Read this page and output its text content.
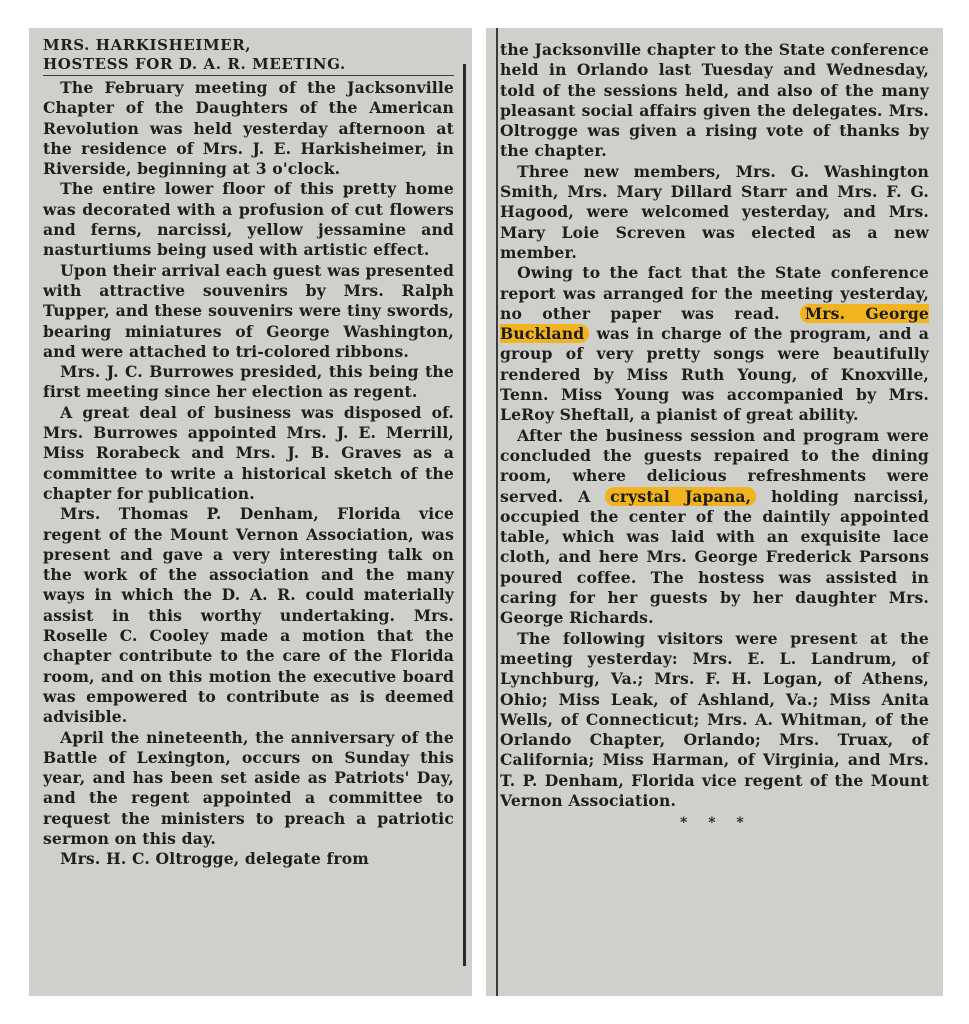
MRS. HARKISHEIMER,
HOSTESS FOR D. A. R. MEETING.

The February meeting of the Jacksonville Chapter of the Daughters of the American Revolution was held yesterday afternoon at the residence of Mrs. J. E. Harkisheimer, in Riverside, beginning at 3 o'clock.

The entire lower floor of this pretty home was decorated with a profusion of cut flowers and ferns, narcissi, yellow jessamine and nasturtiums being used with artistic effect.

Upon their arrival each guest was presented with attractive souvenirs by Mrs. Ralph Tupper, and these souvenirs were tiny swords, bearing miniatures of George Washington, and were attached to tri-colored ribbons.

Mrs. J. C. Burrowes presided, this being the first meeting since her election as regent.

A great deal of business was disposed of. Mrs. Burrowes appointed Mrs. J. E. Merrill, Miss Rorabeck and Mrs. J. B. Graves as a committee to write a historical sketch of the chapter for publication.

Mrs. Thomas P. Denham, Florida vice regent of the Mount Vernon Association, was present and gave a very interesting talk on the work of the association and the many ways in which the D. A. R. could materially assist in this worthy undertaking. Mrs. Roselle C. Cooley made a motion that the chapter contribute to the care of the Florida room, and on this motion the executive board was empowered to contribute as is deemed advisible.

April the nineteenth, the anniversary of the Battle of Lexington, occurs on Sunday this year, and has been set aside as Patriots' Day, and the regent appointed a committee to request the ministers to preach a patriotic sermon on this day.

Mrs. H. C. Oltrogge, delegate from

the Jacksonville chapter to the State conference held in Orlando last Tuesday and Wednesday, told of the sessions held, and also of the many pleasant social affairs given the delegates. Mrs. Oltrogge was given a rising vote of thanks by the chapter.

Three new members, Mrs. G. Washington Smith, Mrs. Mary Dillard Starr and Mrs. F. G. Hagood, were welcomed yesterday, and Mrs. Mary Loie Screven was elected as a new member.

Owing to the fact that the State conference report was arranged for the meeting yesterday, no other paper was read. Mrs. George Buckland was in charge of the program, and a group of very pretty songs were beautifully rendered by Miss Ruth Young, of Knoxville, Tenn. Miss Young was accompanied by Mrs. LeRoy Sheftall, a pianist of great ability.

After the business session and program were concluded the guests repaired to the dining room, where delicious refreshments were served. A crystal Japana, holding narcissi, occupied the center of the daintily appointed table, which was laid with an exquisite lace cloth, and here Mrs. George Frederick Parsons poured coffee. The hostess was assisted in caring for her guests by her daughter Mrs. George Richards.

The following visitors were present at the meeting yesterday: Mrs. E. L. Landrum, of Lynchburg, Va.; Mrs. F. H. Logan, of Athens, Ohio; Miss Leak, of Ashland, Va.; Miss Anita Wells, of Connecticut; Mrs. A. Whitman, of the Orlando Chapter, Orlando; Mrs. Truax, of California; Miss Harman, of Virginia, and Mrs. T. P. Denham, Florida vice regent of the Mount Vernon Association.

* * *
